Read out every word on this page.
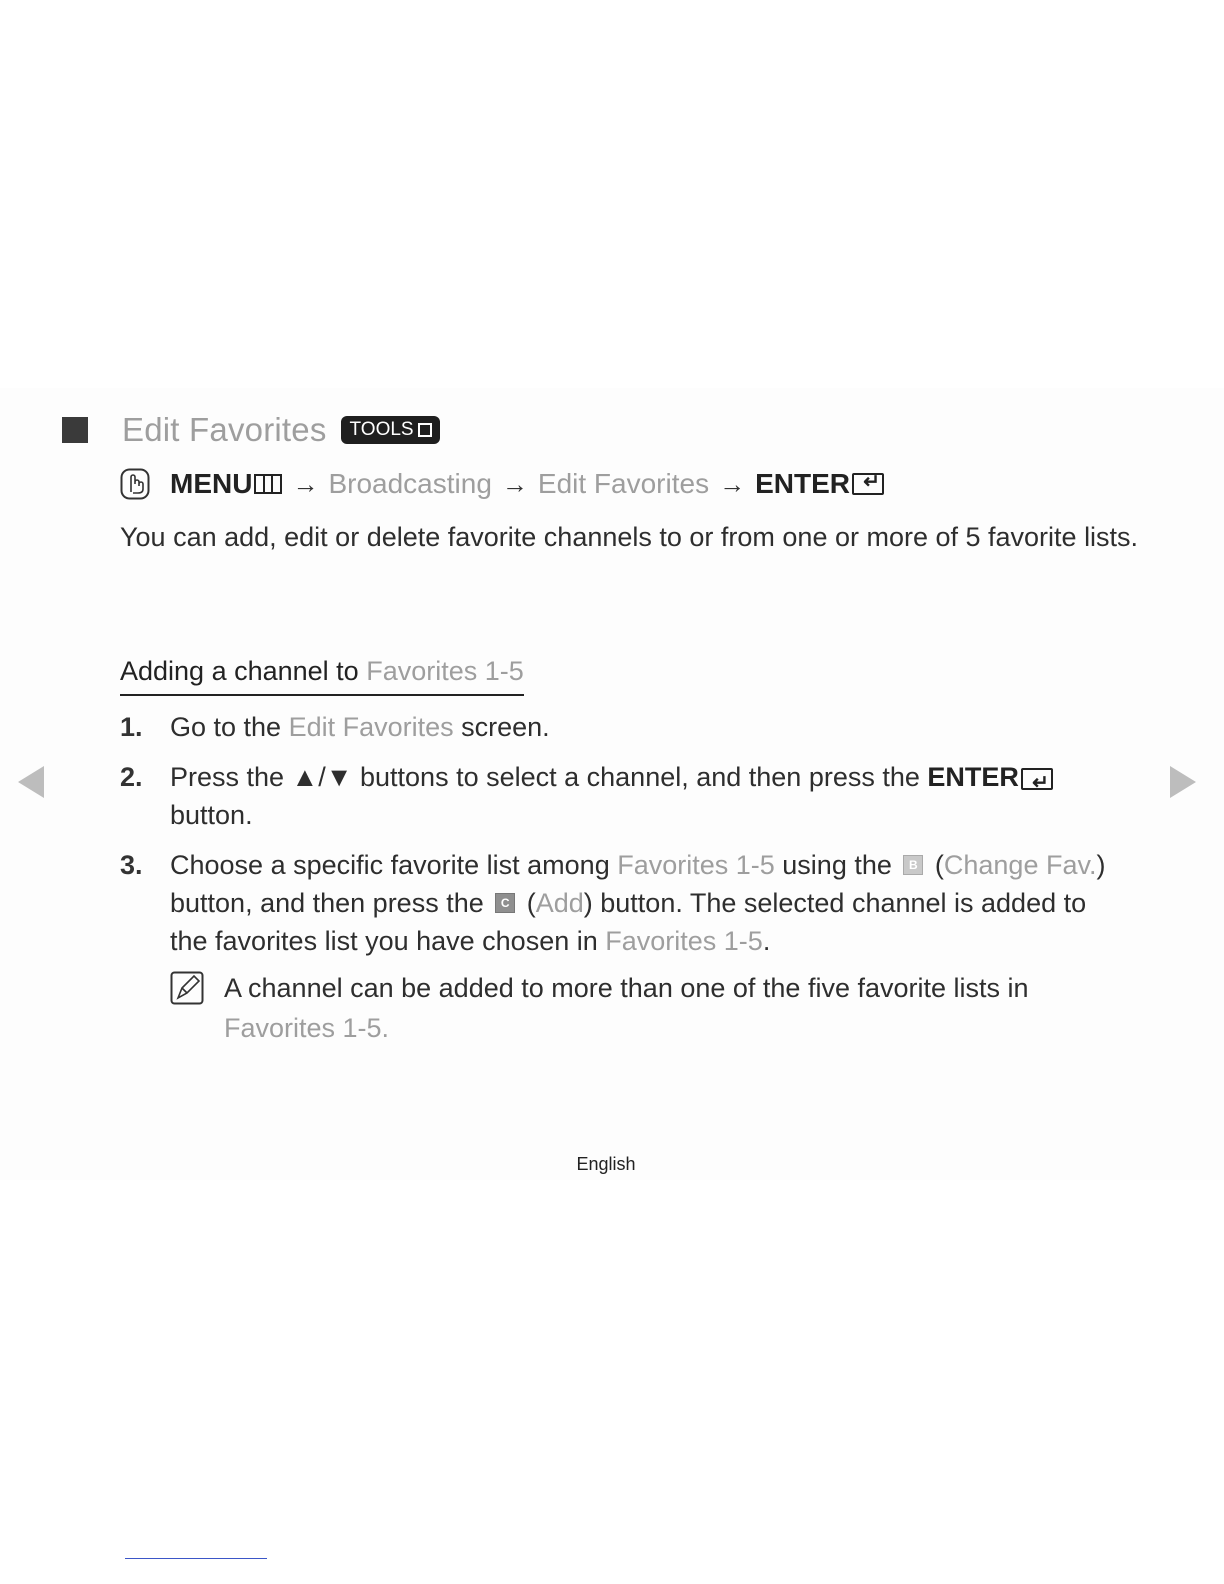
Edit Favorites TOOLS
MENU → Broadcasting → Edit Favorites → ENTER
↵
You can add, edit or delete favorite channels to or from one or more of 5 favorite lists.
Adding a channel to Favorites 1-5
1.	Go to the Edit Favorites screen.
2.	Press the ▲/▼ buttons to select a channel, and then press the ENTER↵ button.
3.	Choose a specific favorite list among Favorites 1-5 using the B (Change Fav.) button, and then press the C (Add) button. The selected channel is added to the favorites list you have chosen in Favorites 1-5.
A channel can be added to more than one of the five favorite lists in Favorites 1-5.
English
